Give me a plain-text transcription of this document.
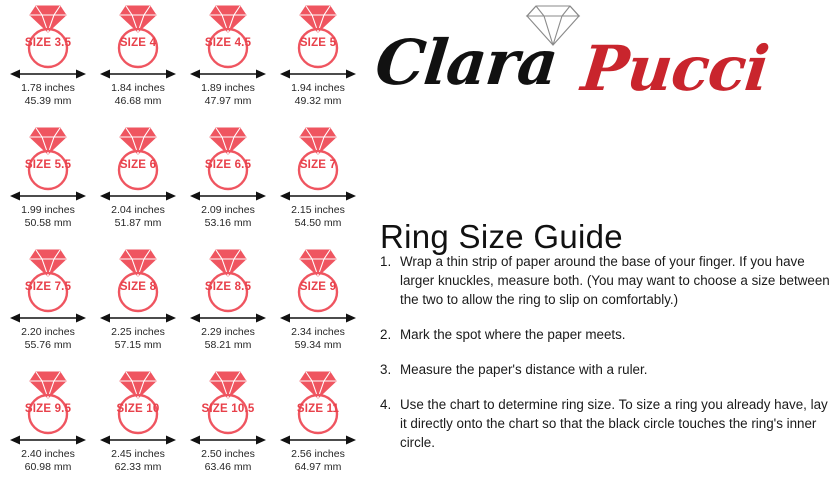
SIZE 3.5
1.78 inches
45.39 mm
SIZE 4
1.84 inches
46.68 mm
SIZE 4.5
1.89 inches
47.97 mm
SIZE 5
1.94 inches
49.32 mm
SIZE 5.5
1.99 inches
50.58 mm
SIZE 6
2.04 inches
51.87 mm
SIZE 6.5
2.09 inches
53.16 mm
SIZE 7
2.15 inches
54.50 mm
SIZE 7.5
2.20 inches
55.76 mm
SIZE 8
2.25 inches
57.15 mm
SIZE 8.5
2.29 inches
58.21 mm
SIZE 9
2.34 inches
59.34 mm
SIZE 9.5
2.40 inches
60.98 mm
SIZE 10
2.45 inches
62.33 mm
SIZE 10.5
2.50 inches
63.46 mm
SIZE 11
2.56 inches
64.97 mm
Clara Pucci
Ring Size Guide
1. Wrap a thin strip of paper around the base of your finger. If you have larger knuckles, measure both. (You may want to choose a size between the two to allow the ring to slip on comfortably.)
2. Mark the spot where the paper meets.
3. Measure the paper's distance with a ruler.
4. Use the chart to determine ring size. To size a ring you already have, lay it directly onto the chart so that the black circle touches the ring's inner circle.
